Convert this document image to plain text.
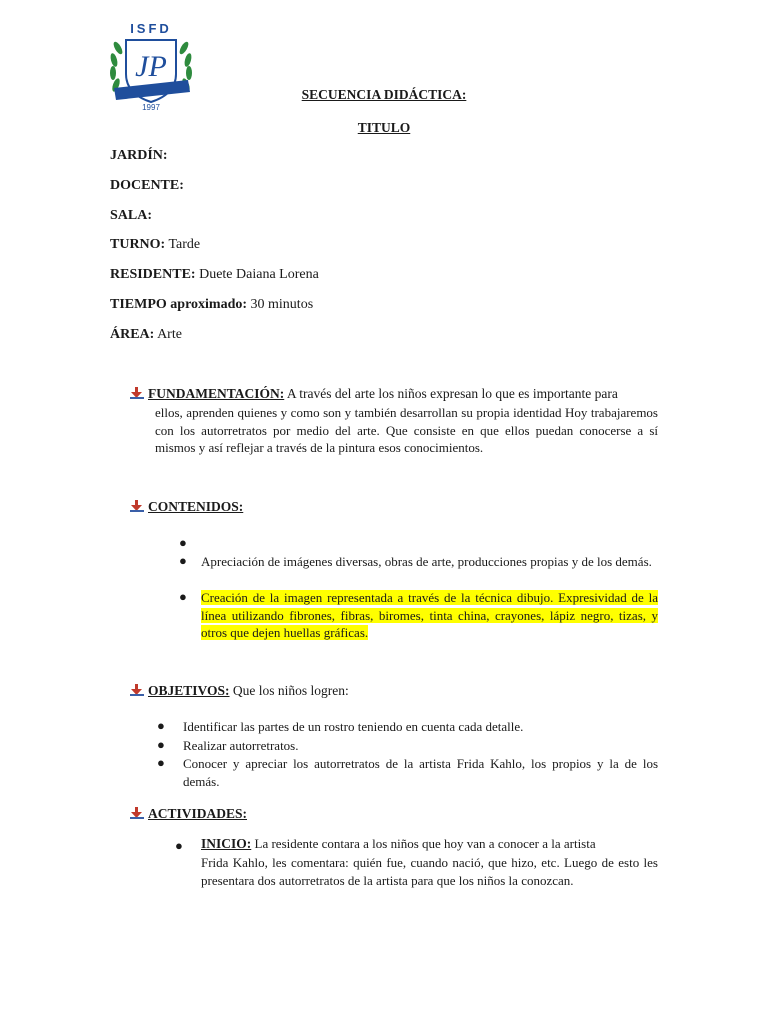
ISFD
JP
1997
SECUENCIA DIDÁCTICA:
TITULO
JARDÍN:
DOCENTE:
SALA:
TURNO: Tarde
RESIDENTE: Duete Daiana Lorena
TIEMPO aproximado: 30 minutos
ÁREA: Arte
FUNDAMENTACIÓN: A través del arte los niños expresan lo que es importante para
ellos, aprenden quienes y como son y también desarrollan su propia identidad Hoy trabajaremos con los autorretratos por medio del arte. Que consiste en que ellos puedan conocerse a sí mismos y así reflejar a través de la pintura esos conocimientos.
CONTENIDOS:
●
● Apreciación de imágenes diversas, obras de arte, producciones propias y de los demás.
● Creación de la imagen representada a través de la técnica dibujo. Expresividad de la línea utilizando fibrones, fibras, biromes, tinta china, crayones, lápiz negro, tizas, y otros que dejen huellas gráficas.
OBJETIVOS: Que los niños logren:
● Identificar las partes de un rostro teniendo en cuenta cada detalle.
● Realizar autorretratos.
● Conocer y apreciar los autorretratos de la artista Frida Kahlo, los propios y la de los demás.
ACTIVIDADES:
● INICIO: La residente contara a los niños que hoy van a conocer a la artista
Frida Kahlo, les comentara: quién fue, cuando nació, que hizo, etc. Luego de esto les presentara dos autorretratos de la artista para que los niños la conozcan.
